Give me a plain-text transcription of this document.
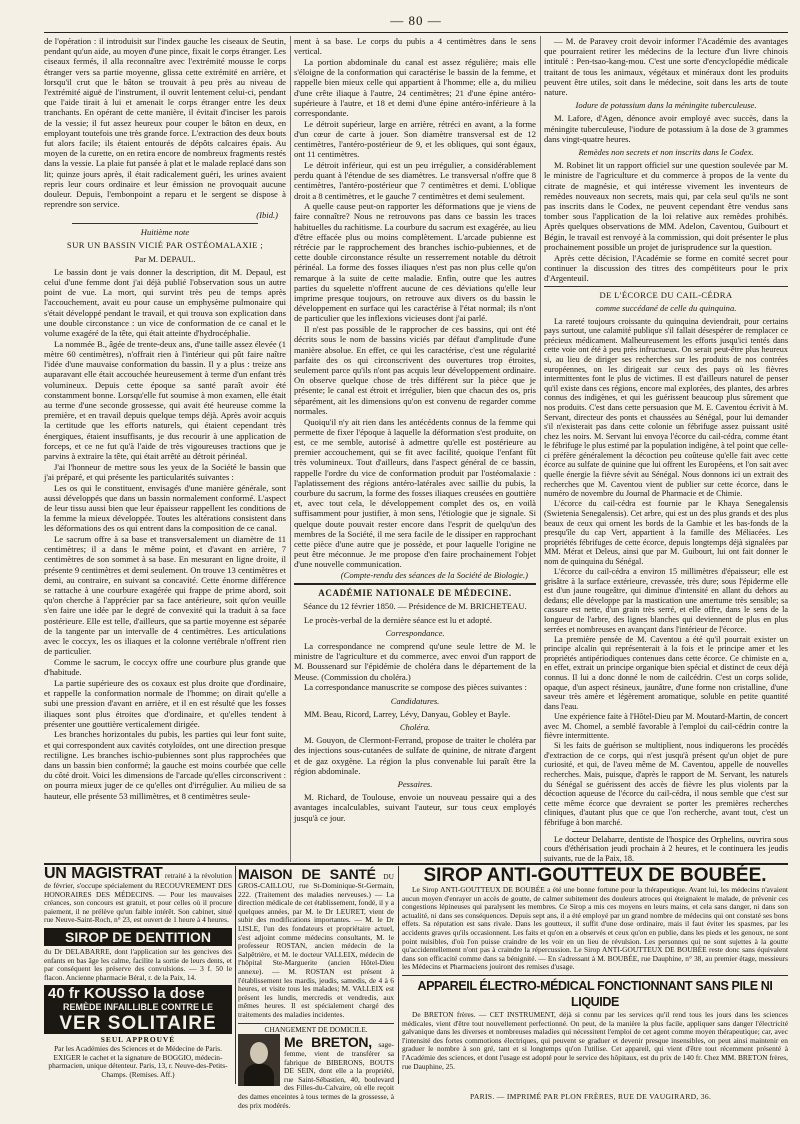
— 80 —

de l'opération : il introduisit sur l'index gauche les ciseaux de Seutin, pendant qu'un aide, au moyen d'une pince, fixait le corps étranger. Les ciseaux fermés, il alla reconnaître avec l'extrémité mousse le corps étranger vers sa partie moyenne, glissa cette extrémité en arrière, et lorsqu'il crut que le bâton se trouvait à peu près au niveau de l'extrémité aiguë de l'instrument, il ouvrit lentement celui-ci, pendant que l'aide tirait à lui et amenait le corps étranger entre les deux tranchants. En opérant de cette manière, il évitait d'inciser les parois de la vessie; il fut assez heureux pour couper le bâton en deux, en employant toutefois une très grande force. L'extraction des deux bouts fut alors facile; ils étaient entourés de dépôts calcaires épais. Au moyen de la curette, on en retira encore de nombreux fragments restés dans la vessie. La plaie fut pansée à plat et le malade replacé dans son lit; quinze jours après, il était radicalement guéri, les urines avaient repris leur cours ordinaire et leur émission ne provoquait aucune douleur. Depuis, l'embonpoint a reparu et le sergent se dispose à reprendre son service.

(Ibid.)
Huitième note
SUR UN BASSIN VICIÉ PAR OSTÉOMALAXIE ;
Par M. DEPAUL.

Le bassin dont je vais donner la description, dit M. Depaul, est celui d'une femme dont j'ai déjà publié l'observation sous un autre point de vue. La mort, qui survint très peu de temps après l'accouchement, avait eu pour cause un emphysème pulmonaire qui s'était développé pendant le travail, et qui trouva son explication dans une double circonstance : un vice de conformation de ce canal et le volume exagéré de la tête, qui était atteinte d'hydrocéphalie.

La nommée B., âgée de trente-deux ans, d'une taille assez élevée (1 mètre 60 centimètres), n'offrait rien à l'intérieur qui pût faire naître l'idée d'une mauvaise conformation du bassin. Il y a plus : treize ans auparavant elle était accouchée heureusement à terme d'un enfant très volumineux. Depuis cette époque sa santé paraît avoir été constamment bonne. Lorsqu'elle fut soumise à mon examen, elle était au terme d'une seconde grossesse, qui avait été heureuse comme la première, et en travail depuis quelque temps déjà. Après avoir acquis la certitude que les efforts naturels, qui étaient cependant très énergiques, étaient insuffisants, je dus recourir à une application de forceps, et ce ne fut qu'à l'aide de très vigoureuses tractions que je parvins à extraire la tête, qui était arrêté au détroit périnéal.

J'ai l'honneur de mettre sous les yeux de la Société le bassin que j'ai préparé, et qui présente les particularités suivantes :

Les os qui le constituent, envisagés d'une manière générale, sont aussi développés que dans un bassin normalement conformé. L'aspect de leur tissu aussi bien que leur épaisseur rappellent les conditions de la femme la mieux développée. Toutes les altérations consistent dans les déformations des os qui entrent dans la composition de ce canal.

Le sacrum offre à sa base et transversalement un diamètre de 11 centimètres; il a dans le même point, et d'avant en arrière, 7 centimètres de son sommet à sa base. En mesurant en ligne droite, il présente 9 centimètres et demi seulement. On trouve 13 centimètres et demi, au contraire, en suivant sa concavité. Cette énorme différence se rattache à une courbure exagérée qui frappe de prime abord, soit qu'on cherche à l'apprécier par sa face antérieure, soit qu'on veuille s'en faire une idée par le degré de convexité qui la traduit à sa face postérieure. Elle est telle, d'ailleurs, que sa partie moyenne est séparée de la tangente par un intervalle de 4 centimètres. Les articulations avec le coccyx, les os iliaques et la colonne vertébrale n'offrent rien de particulier.

Comme le sacrum, le coccyx offre une courbure plus grande que d'habitude.

La partie supérieure des os coxaux est plus droite que d'ordinaire, et rappelle la conformation normale de l'homme; on dirait qu'elle a subi une pression d'avant en arrière, et il en est résulté que les fosses iliaques sont plus étroites que d'ordinaire, et qu'elles tendent à présenter une gouttière verticalement dirigée.

Les branches horizontales du pubis, les parties qui leur font suite, et qui correspondent aux cavités cotyloïdes, ont une direction presque rectiligne. Les branches ischio-pubiennes sont plus rapprochées que dans un bassin bien conformé; la gauche est moins courbée que celle du côté droit. Voici les dimensions de l'arcade qu'elles circonscrivent : on pourra mieux juger de ce qu'elles ont d'irrégulier. Au milieu de sa hauteur, elle présente 53 millimètres, et 8 centimètres seule-

ment à sa base. Le corps du pubis a 4 centimètres dans le sens vertical.

La portion abdominale du canal est assez régulière; mais elle s'éloigne de la conformation qui caractérise le bassin de la femme, et rappelle bien mieux celle qui appartient à l'homme; elle a, du milieu d'une crête iliaque à l'autre, 24 centimètres; 21 d'une épine antéro-supérieure à l'autre, et 18 et demi d'une épine antéro-inférieure à la correspondante.

Le détroit supérieur, large en arrière, rétréci en avant, a la forme d'un cœur de carte à jouer. Son diamètre transversal est de 12 centimètres, l'antéro-postérieur de 9, et les obliques, qui sont égaux, ont 11 centimètres.

Le détroit inférieur, qui est un peu irrégulier, a considérablement perdu quant à l'étendue de ses diamètres. Le transversal n'offre que 8 centimètres, l'antéro-postérieur que 7 centimètres et demi. L'oblique droit a 8 centimètres, et le gauche 7 centimètres et demi seulement.

A quelle cause peut-on rapporter les déformations que je viens de faire connaître? Nous ne retrouvons pas dans ce bassin les traces habituelles du rachitisme. La courbure du sacrum est exagérée, au lieu d'être effacée plus ou moins complètement. L'arcade pubienne est rétrécie par le rapprochement des branches ischio-pubiennes, et de cette double circonstance résulte un resserrement notable du détroit périnéal. La forme des fosses iliaques n'est pas non plus celle qu'on remarque à la suite de cette maladie. Enfin, outre que les autres parties du squelette n'offrent aucune de ces déviations qu'elle leur imprime presque toujours, on retrouve aux divers os du bassin le développement en surface qui les caractérise à l'état normal; ils n'ont de particulier que les inflexions vicieuses dont j'ai parlé.

Il n'est pas possible de le rapprocher de ces bassins, qui ont été décrits sous le nom de bassins viciés par défaut d'amplitude d'une manière absolue. En effet, ce qui les caractérise, c'est une régularité parfaite des os qui circonscrivent des ouvertures trop étroites, seulement parce qu'ils n'ont pas acquis leur développement ordinaire. On observe quelque chose de très différent sur la pièce que je présente; le canal est étroit et irrégulier, bien que chacun des os, pris séparément, ait les dimensions qu'on est convenu de regarder comme normales.

Quoiqu'il n'y ait rien dans les antécédents connus de la femme qui permette de fixer l'époque à laquelle la déformation s'est produite, on est, ce me semble, autorisé à admettre qu'elle est postérieure au premier accouchement, qui se fit avec facilité, quoique l'enfant fût très volumineux. Tout d'ailleurs, dans l'aspect général de ce bassin, rappelle l'ordre du vice de conformation produit par l'ostéomalaxie : l'aplatissement des régions antéro-latérales avec saillie du pubis, la courbure du sacrum, la forme des fosses iliaques creusées en gouttière et, avec tout cela, le développement complet des os, en voilà suffisamment pour justifier, à mon sens, l'étiologie que je signale. Si quelque doute pouvait rester encore dans l'esprit de quelqu'un des membres de la Société, il me sera facile de le dissiper en rapprochant cette pièce d'une autre que je possède, et pour laquelle l'origine ne peut être méconnue. Je me propose d'en faire prochainement l'objet d'une nouvelle communication.

(Compte-rendu des séances de la Société de Biologie.)
ACADÉMIE NATIONALE DE MÉDECINE.
Séance du 12 février 1850. — Présidence de M. BRICHETEAU.

Le procès-verbal de la dernière séance est lu et adopté.

Correspondance.

La correspondance ne comprend qu'une seule lettre de M. le ministre de l'agriculture et du commerce, avec envoi d'un rapport de M. Boussenard sur l'épidémie de choléra dans le département de la Meuse. (Commission du choléra.)

La correspondance manuscrite se compose des pièces suivantes :

Candidatures.

MM. Beau, Ricord, Larrey, Lévy, Danyau, Gobley et Bayle.

Choléra.

M. Gouyon, de Clermont-Ferrand, propose de traiter le choléra par des injections sous-cutanées de sulfate de quinine, de nitrate d'argent et de gaz oxygène. La région la plus convenable lui paraît être la région abdominale.

Pessaires.

M. Richard, de Toulouse, envoie un nouveau pessaire qui a des avantages incalculables, suivant l'auteur, sur tous ceux employés jusqu'à ce jour.

— M. de Paravey croit devoir informer l'Académie des avantages que pourraient retirer les médecins de la lecture d'un livre chinois intitulé : Pen-tsao-kang-mou. C'est une sorte d'encyclopédie médicale traitant de tous les animaux, végétaux et minéraux dont les produits peuvent être utiles, soit dans le médecine, soit dans les arts de toute nature.

Iodure de potassium dans la méningite tuberculeuse.

M. Lafore, d'Agen, dénonce avoir employé avec succès, dans la méningite tuberculeuse, l'iodure de potassium à la dose de 3 grammes dans vingt-quatre heures.

Remèdes non secrets et non inscrits dans le Codex.

M. Robinet lit un rapport officiel sur une question soulevée par M. le ministre de l'agriculture et du commerce à propos de la vente du citrate de magnésie, et qui intéresse vivement les inventeurs de remèdes nouveaux non secrets, mais qui, par cela seul qu'ils ne sont pas inscrits dans le Codex, ne peuvent cependant être vendus sans tomber sous l'application de la loi relative aux remèdes prohibés. Après quelques observations de MM. Adelon, Caventou, Guibourt et Bégin, le travail est renvoyé à la commission, qui doit présenter le plus prochainement possible un projet de jurisprudence sur la question.

Après cette décision, l'Académie se forme en comité secret pour continuer la discussion des titres des compétiteurs pour le prix d'Argenteuil.

DE L'ÉCORCE DU CAIL-CÉDRA
comme succédané de celle du quinquina.

La rareté toujours croissante du quinquina deviendrait, pour certains pays surtout, une calamité publique s'il fallait désespérer de remplacer ce précieux médicament. Malheureusement les efforts jusqu'ici tentés dans cette voie ont été à peu près infructueux. On serait peut-être plus heureux si, au lieu de diriger ses recherches sur les produits de nos contrées européennes, on les dirigeait sur ceux des pays où les fièvres intermittentes font le plus de victimes. Il est d'ailleurs naturel de penser qu'il existe dans ces régions, encore mal explorées, des plantes, des arbres connus des indigènes, et qui les guérissent beaucoup plus sûrement que nos produits. C'est dans cette persuasion que M. E. Caventou écrivit à M. Servant, directeur des ponts et chaussées au Sénégal, pour lui demander s'il n'existerait pas dans cette colonie un fébrifuge assez puissant usité chez les noirs. M. Servant lui envoya l'écorce du cail-cédra, comme étant le fébrifuge le plus estimé par la population indigène, à tel point que celle-ci préfère généralement la décoction peu coûteuse qu'elle fait avec cette écorce au sulfate de quinine que lui offrent les Européens, et l'on sait avec quelle énergie la fièvre sévit au Sénégal. Nous donnons ici un extrait des recherches que M. Caventou vient de publier sur cette écorce, dans le numéro de novembre du Journal de Pharmacie et de Chimie.

L'écorce du cail-cédra est fournie par le Khaya Senegalensis (Swietenia Senegalensis). Cet arbre, qui est un des plus grands et des plus beaux de ceux qui ornent les bords de la Gambie et les bas-fonds de la presqu'île du cap Vert, appartient à la famille des Méliacées. Les propriétés fébrifuges de cette écorce, depuis longtemps déjà signalées par MM. Mérat et Deleus, ainsi que par M. Guibourt, lui ont fait donner le nom de quinquina du Sénégal.

L'écorce du cail-cédra a environ 15 millimètres d'épaisseur; elle est grisâtre à la surface extérieure, crevassée, très dure; sous l'épiderme elle est d'un jaune rougeâtre, qui diminue d'intensité en allant du dehors au dedans; elle développe par la mastication une amertume très sensible; sa cassure est nette, d'un grain très serré, et elle offre, dans le sens de la longueur de l'arbre, des lignes blanches qui deviennent de plus en plus serrées et nombreuses en avançant dans l'intérieur de l'écorce.

La première pensée de M. Caventou a été qu'il pourrait exister un principe alcalin qui représenterait à la fois et le principe amer et les propriétés antipériodiques contenues dans cette écorce. Ce chimiste en a, en effet, extrait un principe organique bien spécial et distinct de ceux déjà connus. Il lui a donc donné le nom de cailcédrin. C'est un corps solide, opaque, d'un aspect résineux, jaunâtre, d'une forme non cristalline, d'une saveur très amère et légèrement aromatique, soluble en petite quantité dans l'eau.

Une expérience faite à l'Hôtel-Dieu par M. Moutard-Martin, de concert avec M. Chomel, a semblé favorable à l'emploi du cail-cédrin contre la fièvre intermittente.

Si les faits de guérison se multiplient, nous indiquerons les procédés d'extraction de ce corps, qui n'est jusqu'à présent qu'un objet de pure curiosité, et qui, de l'aveu même de M. Caventou, appelle de nouvelles recherches. Mais, puisque, d'après le rapport de M. Servant, les naturels du Sénégal se guérissent des accès de fièvre les plus violents par la décoction aqueuse de l'écorce du cail-cédra, il nous semble que c'est sur cette même écorce que devraient se porter les premières recherches cliniques, d'autant plus que ce que l'on recherche, avant tout, c'est un fébrifuge à bon marché.

Le docteur Delabarre, dentiste de l'hospice des Orphelins, ouvrira sous cours d'éthérisation jeudi prochain à 2 heures, et le continuera les jeudis suivants, rue de la Paix, 18.

UN MAGISTRAT retraité à la révolution de février, s'occupe spécialement du RECOUVREMENT DES HONORAIRES DES MÉDECINS. — Pour les mauvaises créances, son concours est gratuit, et pour celles où il procure paiement, il ne prélève qu'un faible intérêt. Son cabinet, situé rue Neuve-Saint-Roch, n° 23, est ouvert de 1 heure à 4 heures.
SIROP DE DENTITION
du Dr DELABARRE, dont l'application sur les gencives des enfants en bas âge les calme, facilite la sortie de leurs dents, et par conséquent les préserve des convulsions. — 3 f. 50 le flacon. Ancienne pharmacie Béral, r. de la Paix, 14.
40 fr KOUSSO la dose
REMÈDE INFAILLIBLE CONTRE LE
VER SOLITAIRE
SEUL APPROUVÉ
Par les Académies des Sciences et de Médecine de Paris. EXIGER le cachet et la signature de BOGGIO, médecin-pharmacien, unique détenteur. Paris, 13, r. Neuve-des-Petits-Champs. (Remises. Aff.)
MAISON DE SANTÉ DU GROS-CAILLOU, rue St-Dominique-St-Germain, 222. (Traitement des maladies nerveuses.) — La direction médicale de cet établissement, fondé, il y a quelques années, par M. le Dr LEURET, vient de subir des modifications importantes. — M. le Dr LISLE, l'un des fondateurs et propriétaire actuel, s'est adjoint comme médecins consultants, M. le professeur ROSTAN, ancien médecin de la Salpêtrière, et M. le docteur VALLEIX, médecin de l'hôpital Ste-Marguerite (ancien Hôtel-Dieu annexe). — M. ROSTAN est présent à l'établissement les mardis, jeudis, samedis, de 4 à 6 heures, et visite tous les malades; M. VALLEIX est présent les lundis, mercredis et vendredis, aux mêmes heures. Il est spécialement chargé des traitements des maladies incidentes.
CHANGEMENT DE DOMICILE.
Me BRETON, sage-femme, vient de transférer sa fabrique de BIBERONS, BOUTS DE SEIN, dont elle a la propriété, rue Saint-Sébastien, 40, boulevard des Filles-du-Calvaire, où elle reçoit des dames enceintes à tous termes de la grossesse, à des prix modérés.
SIROP ANTI-GOUTTEUX DE BOUBÉE.
Le Sirop ANTI-GOUTTEUX DE BOUBÉE a été une bonne fortune pour la thérapeutique. Avant lui, les médecins n'avaient aucun moyen d'enrayer un accès de goutte, de calmer subitement des douleurs atroces qui éteignaient le malade, de prévenir ces congestions lépineuses qui paralysent les membres. Ce Sirop a mis ces moyens en leurs mains, et cela sans danger, ni dans son actualité, ni dans ses conséquences. Depuis sept ans, il a été employé par un grand nombre de médecins qui ont constaté ses bons effets. Sa réputation est sans rivale. Dans les goutteux, il suffit d'une dose ordinaire, mais il faut éviter les spasmes, par les accidents graves qu'ils occasionnent. Les faits et qu'on en a observés et ceux qu'on en publie, dans les pieds et les genoux, ne sont point nuisibles, d'où l'on puisse craindre de les voir en un lieu de révulsion. Les personnes qui ne sont sujettes à la goutte qu'accidentellement n'ont pas à craindre la répercussion. Le Sirop ANTI-GOUTTEUX DE BOUBÉE reste donc sans équivalent dans son efficacité comme dans sa bénignité. — En s'adressant à M. BOUBÉE, rue Dauphine, n° 38, au premier étage, messieurs les Médecins et Pharmaciens jouiront des remises d'usage.
APPAREIL ÉLECTRO-MÉDICAL FONCTIONNANT SANS PILE NI LIQUIDE
De BRETON frères. — CET INSTRUMENT, déjà si connu par les services qu'il rend tous les jours dans les sciences médicales, vient d'être tout nouvellement perfectionné. On peut, de la manière la plus facile, appliquer sans danger l'électricité galvanique dans les diverses et nombreuses maladies qui nécessitent l'emploi de cet agent comme moyen thérapeutique; car, avec l'intensité des fortes commotions électriques, qui peuvent se graduer et devenir presque insensibles, on peut ainsi maintenir en graduer le nombre à son gré, tant et si longtemps qu'on l'utilise. Cet appareil, qui vient d'être tout récemment présenté à l'Académie des sciences, et dont l'usage est adopté pour le service des hôpitaux, est du prix de 140 fr. Chez MM. BRETON frères, rue Dauphine, 25.
PARIS. — IMPRIMÉ PAR PLON FRÈRES, RUE DE VAUGIRARD, 36.
